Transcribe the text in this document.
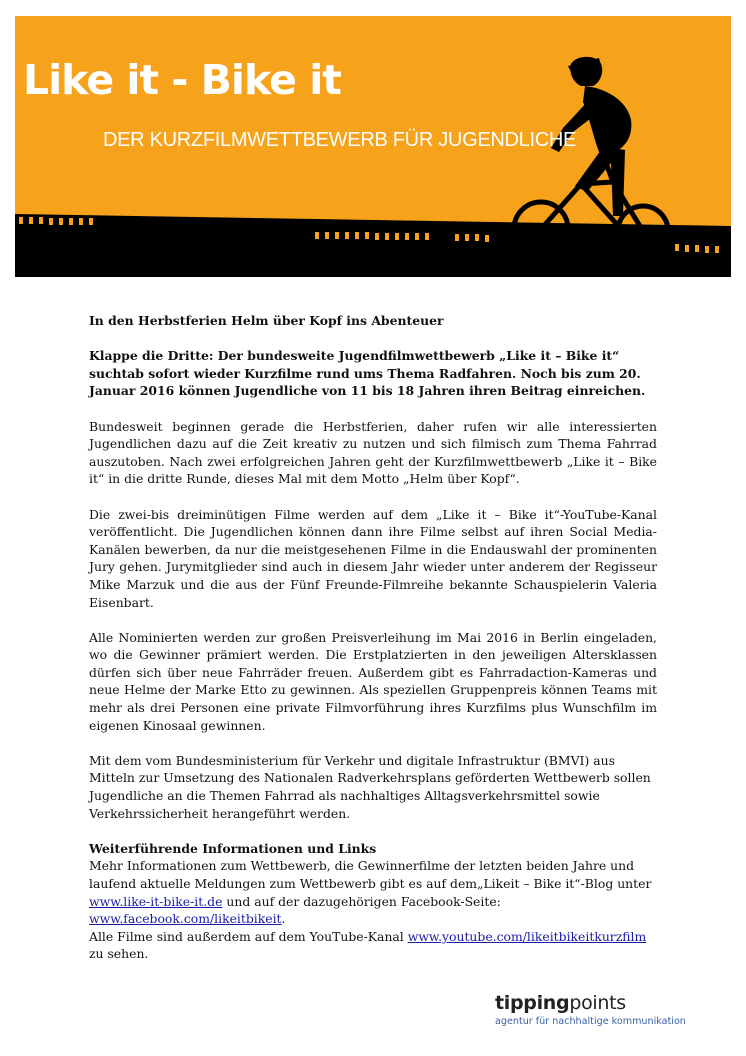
Like it - Bike it
DER KURZFILMWETTBEWERB FÜR JUGENDLICHE

In den Herbstferien Helm über Kopf ins Abenteuer

Klappe die Dritte: Der bundesweite Jugendfilmwettbewerb „Like it – Bike it“ suchtab sofort wieder Kurzfilme rund ums Thema Radfahren. Noch bis zum 20. Januar 2016 können Jugendliche von 11 bis 18 Jahren ihren Beitrag einreichen.

Bundesweit beginnen gerade die Herbstferien, daher rufen wir alle interessierten Jugendlichen dazu auf die Zeit kreativ zu nutzen und sich filmisch zum Thema Fahrrad auszutoben. Nach zwei erfolgreichen Jahren geht der Kurzfilmwettbewerb „Like it – Bike it“ in die dritte Runde, dieses Mal mit dem Motto „Helm über Kopf“.

Die zwei-bis dreiminütigen Filme werden auf dem „Like it – Bike it“-YouTube-Kanal veröffentlicht. Die Jugendlichen können dann ihre Filme selbst auf ihren Social Media-Kanälen bewerben, da nur die meistgesehenen Filme in die Endauswahl der prominenten Jury gehen. Jurymitglieder sind auch in diesem Jahr wieder unter anderem der Regisseur Mike Marzuk und die aus der Fünf Freunde-Filmreihe bekannte Schauspielerin Valeria Eisenbart.

Alle Nominierten werden zur großen Preisverleihung im Mai 2016 in Berlin eingeladen, wo die Gewinner prämiert werden. Die Erstplatzierten in den jeweiligen Altersklassen dürfen sich über neue Fahrräder freuen. Außerdem gibt es Fahrradaction-Kameras und neue Helme der Marke Etto zu gewinnen. Als speziellen Gruppenpreis können Teams mit mehr als drei Personen eine private Filmvorführung ihres Kurzfilms plus Wunschfilm im eigenen Kinosaal gewinnen.

Mit dem vom Bundesministerium für Verkehr und digitale Infrastruktur (BMVI) aus Mitteln zur Umsetzung des Nationalen Radverkehrsplans geförderten Wettbewerb sollen Jugendliche an die Themen Fahrrad als nachhaltiges Alltagsverkehrsmittel sowie Verkehrssicherheit herangeführt werden.

Weiterführende Informationen und Links

Mehr Informationen zum Wettbewerb, die Gewinnerfilme der letzten beiden Jahre und laufend aktuelle Meldungen zum Wettbewerb gibt es auf dem„Likeit – Bike it“-Blog unter www.like-it-bike-it.de und auf der dazugehörigen Facebook-Seite: www.facebook.com/likeitbikeit.
Alle Filme sind außerdem auf dem YouTube-Kanal www.youtube.com/likeitbikeitkurzfilm zu sehen.

tippingpoints
agentur für nachhaltige kommunikation
